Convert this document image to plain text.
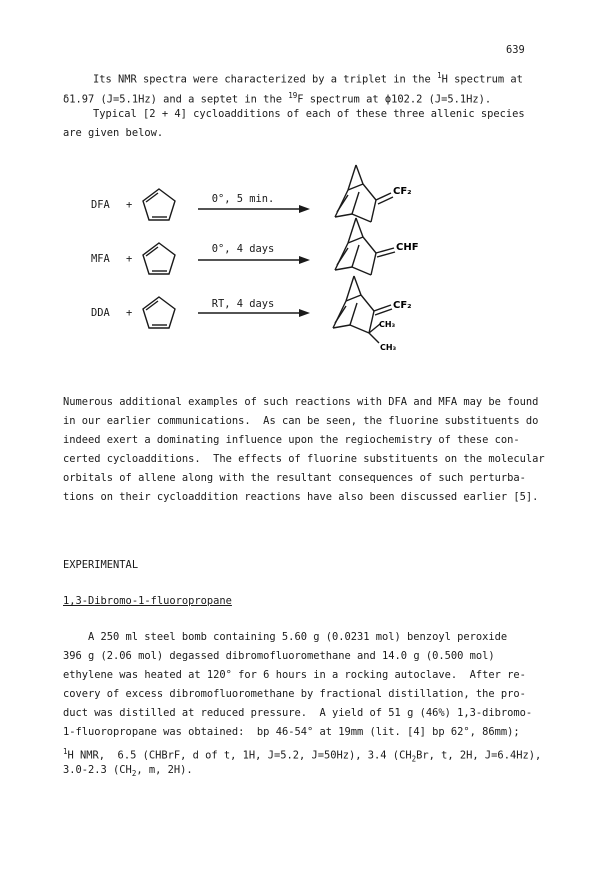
639
Its NMR spectra were characterized by a triplet in the $^1$H spectrum at
δ1.97 (J=5.1Hz) and a septet in the $^{19}$F spectrum at ϕ102.2 (J=5.1Hz).
Typical [2 + 4] cycloadditions of each of these three allenic species
are given below.
DFA +	0°, 5 min.
MFA +
0°, 4 days
DDA +
RT, 4 days
CF₂
CHF
CF₂
CH₃
CH₃
Numerous additional examples of such reactions with DFA and MFA may be found
in our earlier communications.  As can be seen, the fluorine substituents do
indeed exert a dominating influence upon the regiochemistry of these con-
certed cycloadditions.  The effects of fluorine substituents on the molecular
orbitals of allene along with the resultant consequences of such perturba-
tions on their cycloaddition reactions have also been discussed earlier [5].
EXPERIMENTAL
1,3-Dibromo-1-fluoropropane
A 250 ml steel bomb containing 5.60 g (0.0231 mol) benzoyl peroxide
396 g (2.06 mol) degassed dibromofluoromethane and 14.0 g (0.500 mol)
ethylene was heated at 120° for 6 hours in a rocking autoclave.  After re-
covery of excess dibromofluoromethane by fractional distillation, the pro-
duct was distilled at reduced pressure.  A yield of 51 g (46%) 1,3-dibromo-
1-fluoropropane was obtained:  bp 46-54° at 19mm (lit. [4] bp 62°, 86mm);
$^1$H NMR,  6.5 (CHBrF, d of t, 1H, J=5.2, J=50Hz), 3.4 ($CH_2Br$, t, 2H, J=6.4Hz),
3.0-2.3 ($CH_2$, m, 2H).
